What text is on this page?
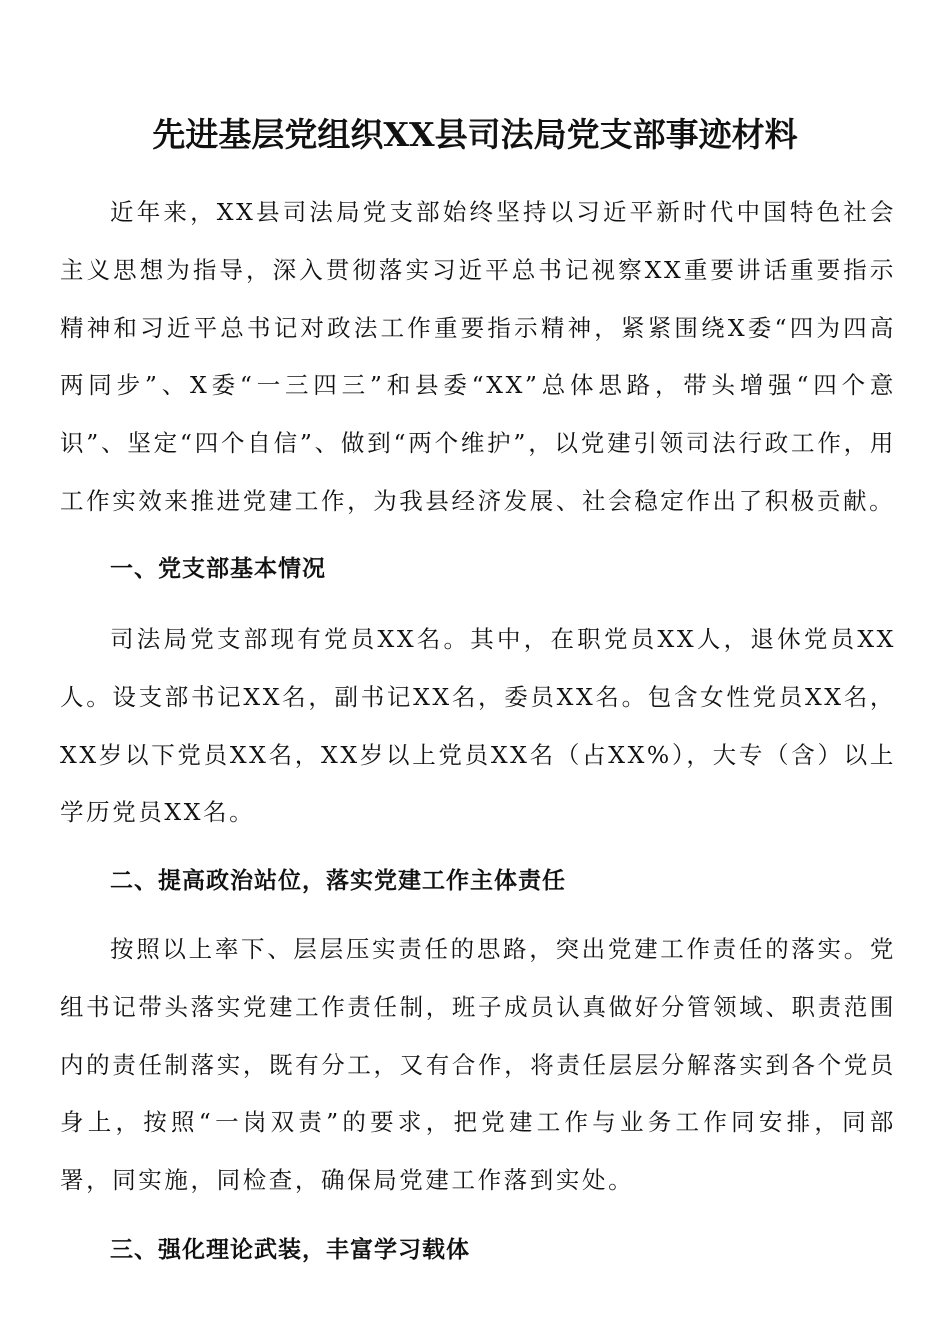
先进基层党组织XX县司法局党支部事迹材料

近年来，XX县司法局党支部始终坚持以习近平新时代中国特色社会主义思想为指导，深入贯彻落实习近平总书记视察XX重要讲话重要指示精神和习近平总书记对政法工作重要指示精神，紧紧围绕X委“四为四高两同步”、X委“一三四三”和县委“XX”总体思路，带头增强“四个意识”、坚定“四个自信”、做到“两个维护”，以党建引领司法行政工作，用工作实效来推进党建工作，为我县经济发展、社会稳定作出了积极贡献。

一、党支部基本情况

司法局党支部现有党员XX名。其中，在职党员XX人，退休党员XX人。设支部书记XX名，副书记XX名，委员XX名。包含女性党员XX名，XX岁以下党员XX名，XX岁以上党员XX名（占XX%），大专（含）以上学历党员XX名。

二、提高政治站位，落实党建工作主体责任

按照以上率下、层层压实责任的思路，突出党建工作责任的落实。党组书记带头落实党建工作责任制，班子成员认真做好分管领域、职责范围内的责任制落实，既有分工，又有合作，将责任层层分解落实到各个党员身上，按照“一岗双责”的要求，把党建工作与业务工作同安排，同部署，同实施，同检查，确保局党建工作落到实处。

三、强化理论武装，丰富学习载体
